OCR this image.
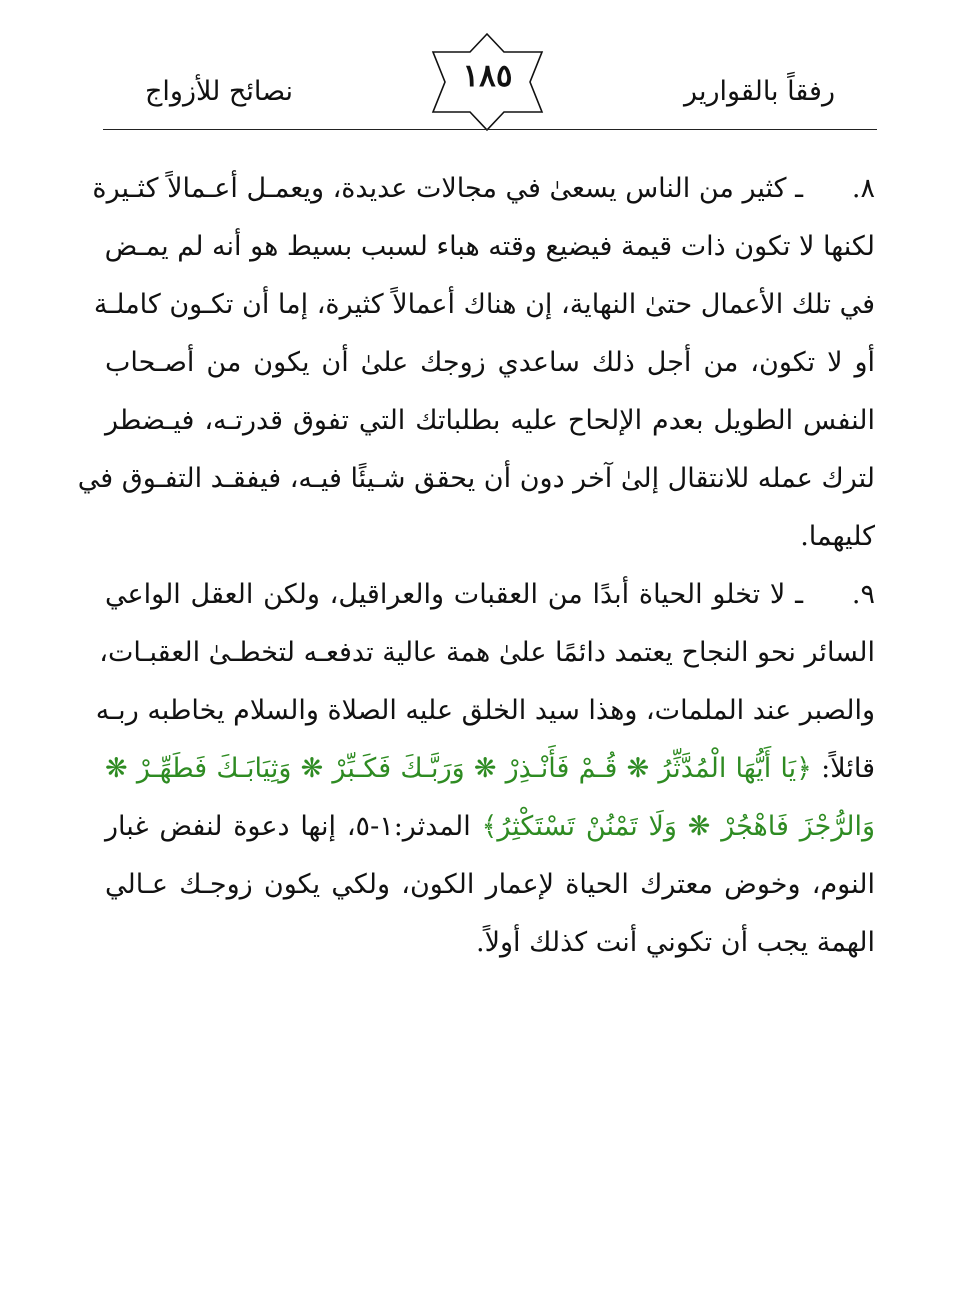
رفقاً بالقوارير
١٨٥
نصائح للأزواج
٨.ـ كثير من الناس يسعىٰ في مجالات عديدة، ويعمـل أعـمالاً كثـيرة
لكنها لا تكون ذات قيمة فيضيع وقته هباء لسبب بسيط هو أنه لم يمـض
في تلك الأعمال حتىٰ النهاية، إن هناك أعمالاً كثيرة، إما أن تكـون كاملـة
أو لا تكون، من أجل ذلك ساعدي زوجك علىٰ أن يكون من أصـحاب
النفس الطويل بعدم الإلحاح عليه بطلباتك التي تفوق قدرتـه، فيـضطر
لترك عمله للانتقال إلىٰ آخر دون أن يحقق شـيئًا فيـه، فيفقـد التفـوق في
كليهما.
٩.ـ لا تخلو الحياة أبدًا من العقبات والعراقيل، ولكن العقل الواعي
السائر نحو النجاح يعتمد دائمًا علىٰ همة عالية تدفعـه لتخطـىٰ العقبـات،
والصبر عند الملمات، وهذا سيد الخلق عليه الصلاة والسلام يخاطبه ربـه
قائلاً: ﴿يَا أَيُّهَا الْمُدَّثِّرُ ❋ قُـمْ فَأَنْـذِرْ ❋ وَرَبَّـكَ فَكَـبِّرْ ❋ وَثِيَابَـكَ فَطَهِّـرْ ❋
وَالرُّجْزَ فَاهْجُرْ ❋ وَلَا تَمْنُنْ تَسْتَكْثِرُ﴾ المدثر:١-٥، إنها دعوة لنفض غبار
النوم، وخوض معترك الحياة لإعمار الكون، ولكي يكون زوجـك عـالي
الهمة يجب أن تكوني أنت كذلك أولاً.
